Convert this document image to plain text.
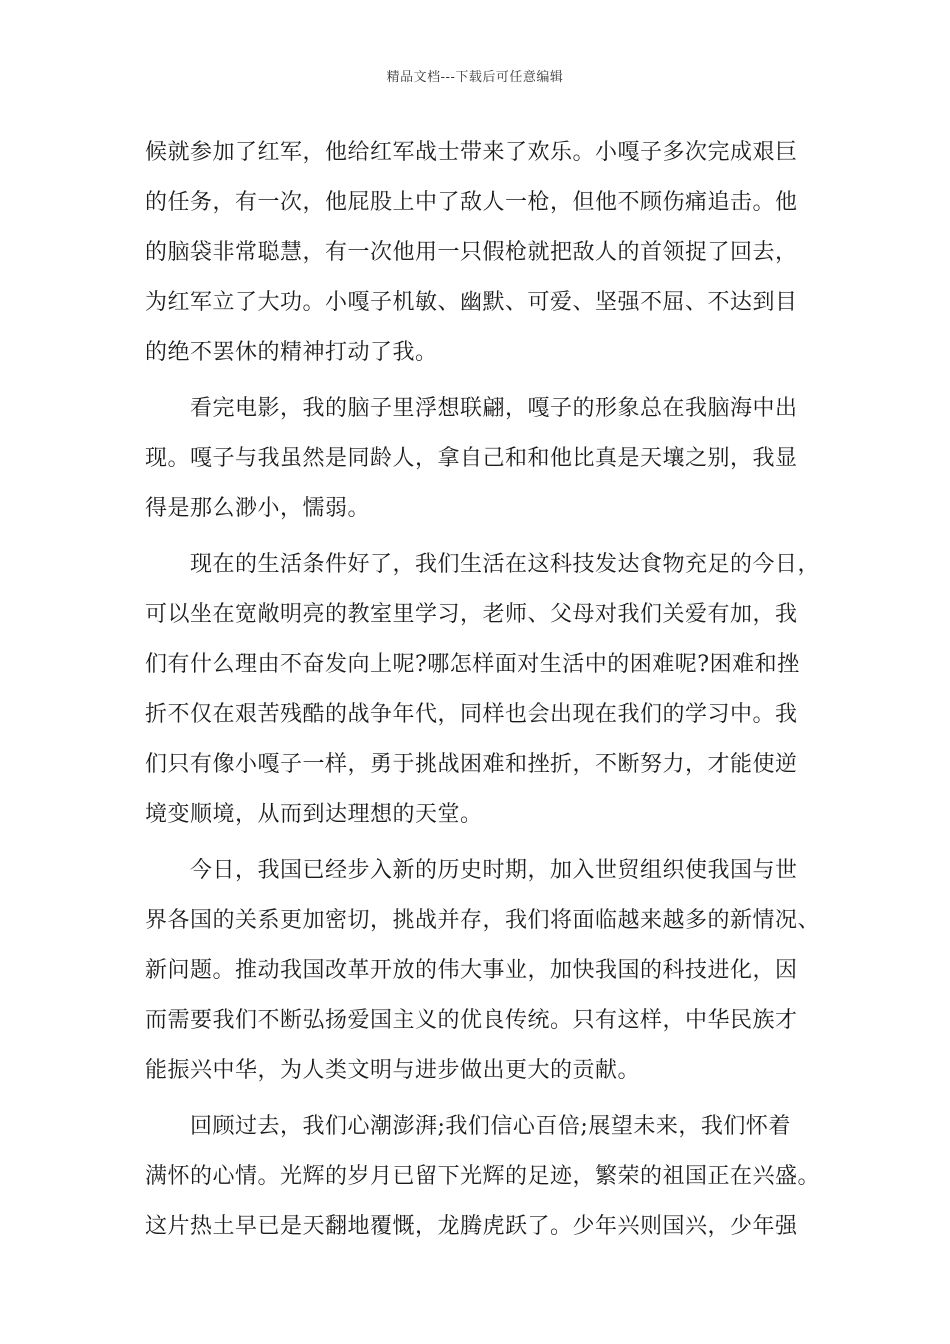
精品文档---下载后可任意编辑
候就参加了红军，他给红军战士带来了欢乐。小嘎子多次完成艰巨
的任务，有一次，他屁股上中了敌人一枪，但他不顾伤痛追击。他
的脑袋非常聪慧，有一次他用一只假枪就把敌人的首领捉了回去，
为红军立了大功。小嘎子机敏、幽默、可爱、坚强不屈、不达到目
的绝不罢休的精神打动了我。
看完电影，我的脑子里浮想联翩，嘎子的形象总在我脑海中出
现。嘎子与我虽然是同龄人，拿自己和和他比真是天壤之别，我显
得是那么渺小，懦弱。
现在的生活条件好了，我们生活在这科技发达食物充足的今日，
可以坐在宽敞明亮的教室里学习，老师、父母对我们关爱有加，我
们有什么理由不奋发向上呢?哪怎样面对生活中的困难呢?困难和挫
折不仅在艰苦残酷的战争年代，同样也会出现在我们的学习中。我
们只有像小嘎子一样，勇于挑战困难和挫折，不断努力，才能使逆
境变顺境，从而到达理想的天堂。
今日，我国已经步入新的历史时期，加入世贸组织使我国与世
界各国的关系更加密切，挑战并存，我们将面临越来越多的新情况、
新问题。推动我国改革开放的伟大事业，加快我国的科技进化，因
而需要我们不断弘扬爱国主义的优良传统。只有这样，中华民族才
能振兴中华，为人类文明与进步做出更大的贡献。
回顾过去，我们心潮澎湃;我们信心百倍;展望未来，我们怀着
满怀的心情。光辉的岁月已留下光辉的足迹，繁荣的祖国正在兴盛。
这片热土早已是天翻地覆慨，龙腾虎跃了。少年兴则国兴，少年强
